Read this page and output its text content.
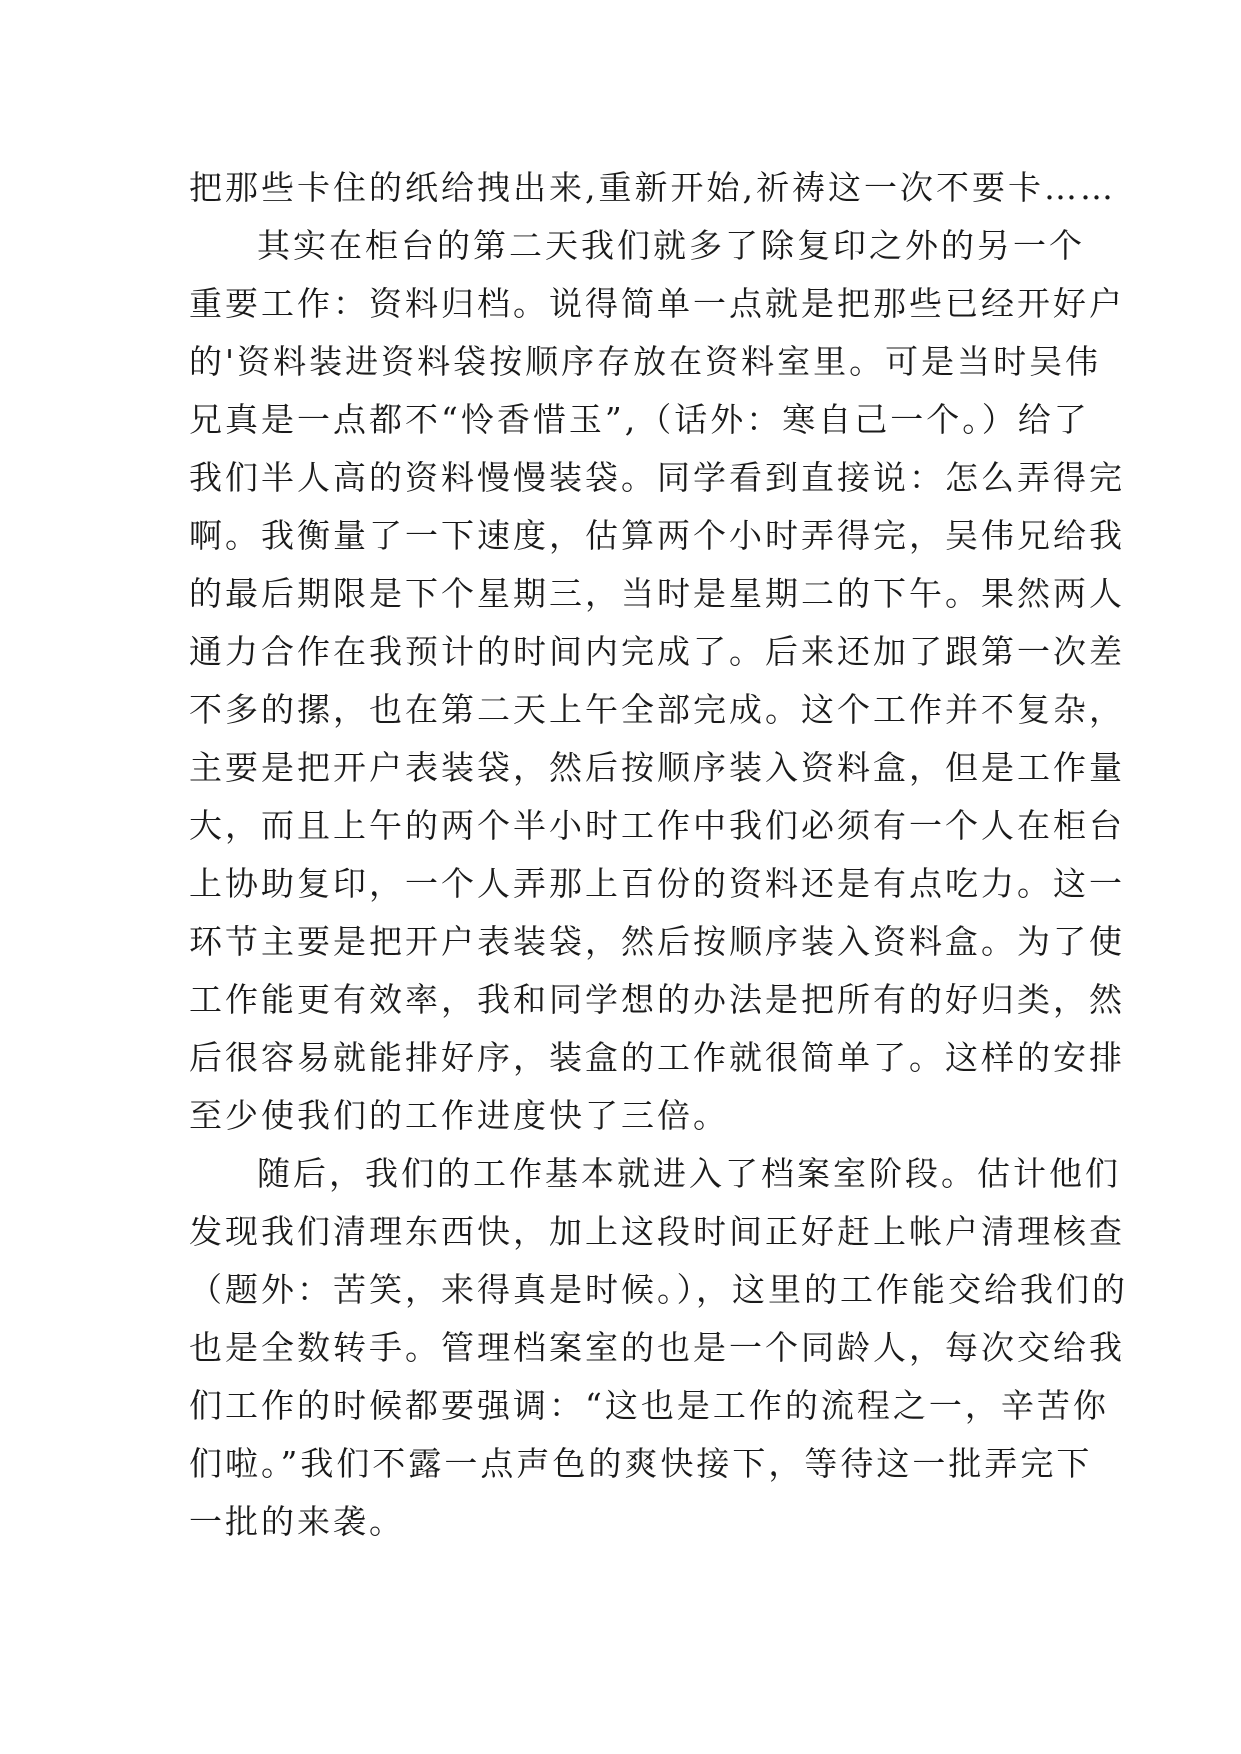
把那些卡住的纸给拽出来,重新开始,祈祷这一次不要卡……
其实在柜台的第二天我们就多了除复印之外的另一个
重要工作：资料归档。说得简单一点就是把那些已经开好户
的'资料装进资料袋按顺序存放在资料室里。可是当时吴伟
兄真是一点都不“怜香惜玉”,（话外：寒自己一个。）给了
我们半人高的资料慢慢装袋。同学看到直接说：怎么弄得完
啊。我衡量了一下速度，估算两个小时弄得完，吴伟兄给我
的最后期限是下个星期三，当时是星期二的下午。果然两人
通力合作在我预计的时间内完成了。后来还加了跟第一次差
不多的摞，也在第二天上午全部完成。这个工作并不复杂，
主要是把开户表装袋，然后按顺序装入资料盒，但是工作量
大，而且上午的两个半小时工作中我们必须有一个人在柜台
上协助复印，一个人弄那上百份的资料还是有点吃力。这一
环节主要是把开户表装袋，然后按顺序装入资料盒。为了使
工作能更有效率，我和同学想的办法是把所有的好归类，然
后很容易就能排好序，装盒的工作就很简单了。这样的安排
至少使我们的工作进度快了三倍。
随后，我们的工作基本就进入了档案室阶段。估计他们
发现我们清理东西快，加上这段时间正好赶上帐户清理核查
（题外：苦笑，来得真是时候。），这里的工作能交给我们的
也是全数转手。管理档案室的也是一个同龄人，每次交给我
们工作的时候都要强调：“这也是工作的流程之一，辛苦你
们啦。”我们不露一点声色的爽快接下，等待这一批弄完下
一批的来袭。
